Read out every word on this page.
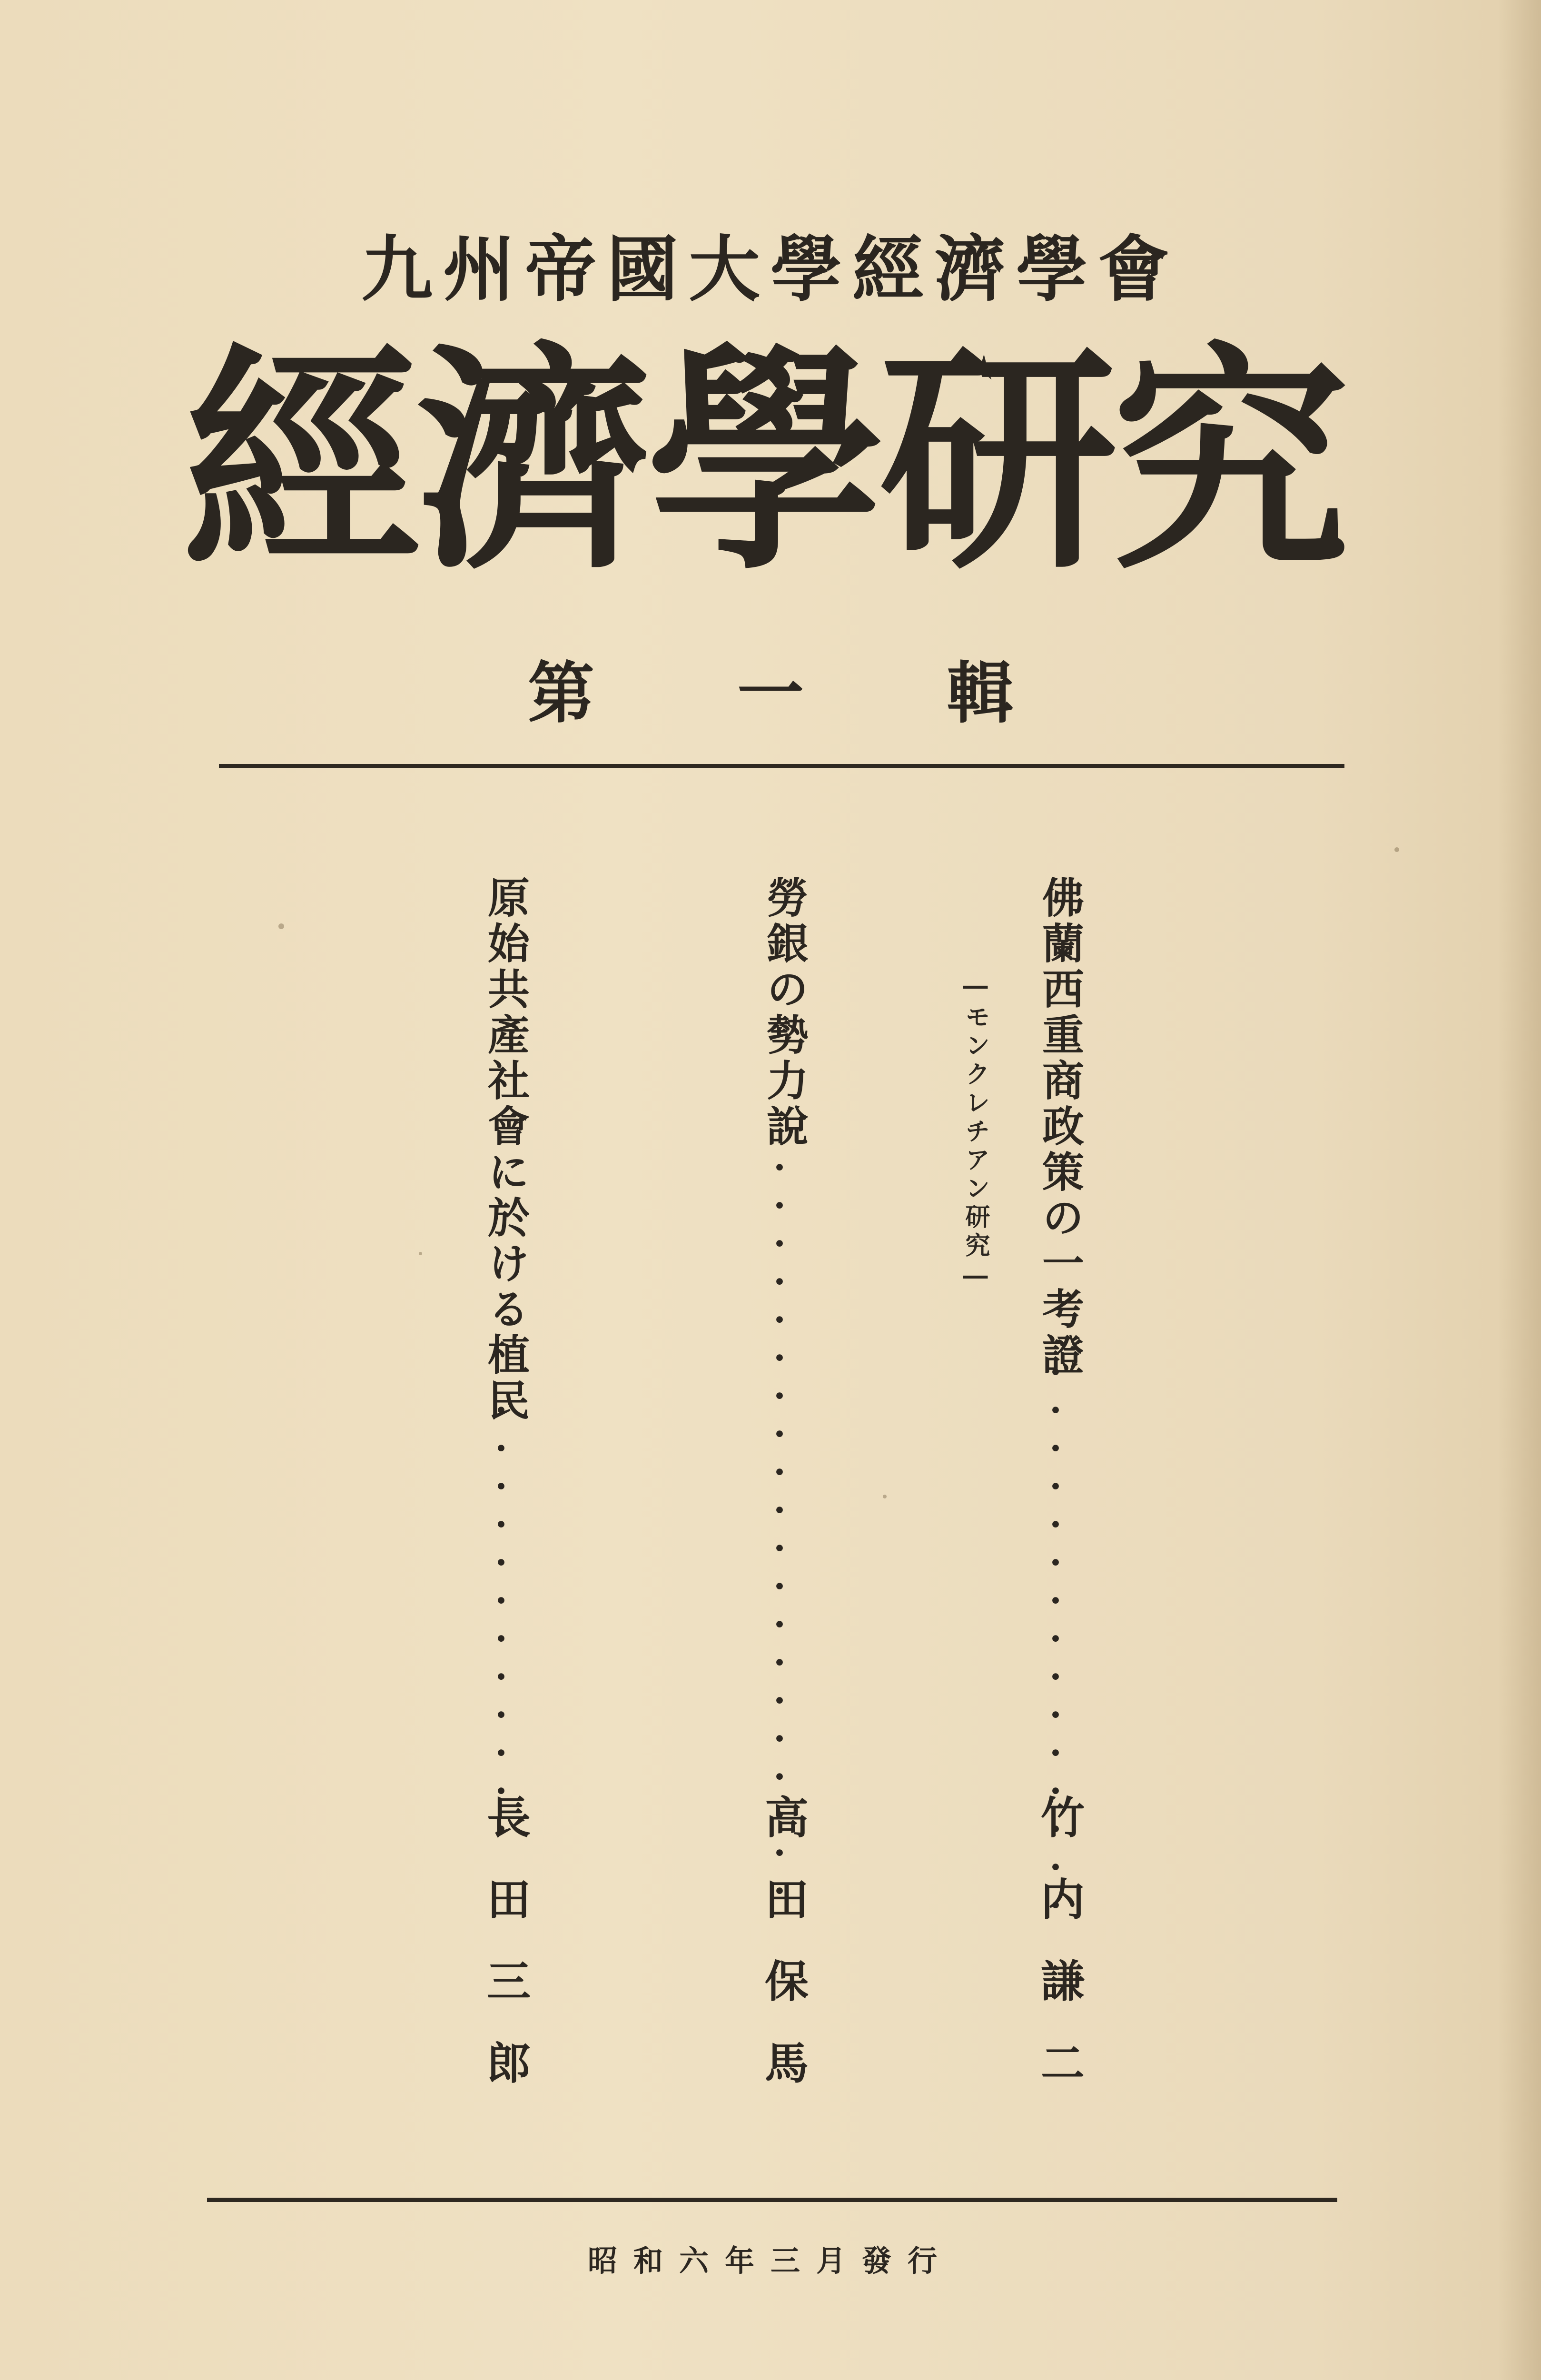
九州帝國大學經濟學會
經濟學研究
第 一 輯
佛蘭西重商政策の一考證
―モンクレチアン研究―
・・・・・・・・・・・・・・・
竹内謙二
勞銀の勢力說
・・・・・・・・・・・・・・・・・・・・
高田保馬
原始共產社會に於ける植民
・・・・・・・・・・・・
長田三郎
昭和六年三月發行
